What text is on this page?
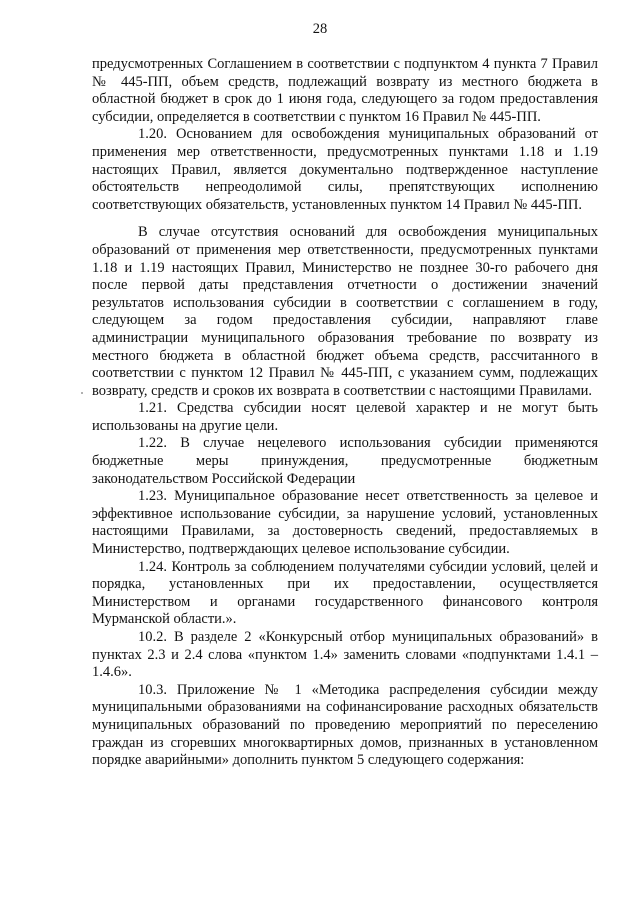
28

предусмотренных Соглашением в соответствии с подпунктом 4 пункта 7 Правил № 445-ПП, объем средств, подлежащий возврату из местного бюджета в областной бюджет в срок до 1 июня года, следующего за годом предоставления субсидии, определяется в соответствии с пунктом 16 Правил № 445-ПП.

1.20. Основанием для освобождения муниципальных образований от применения мер ответственности, предусмотренных пунктами 1.18 и 1.19 настоящих Правил, является документально подтвержденное наступление обстоятельств непреодолимой силы, препятствующих исполнению соответствующих обязательств, установленных пунктом 14 Правил № 445-ПП.

В случае отсутствия оснований для освобождения муниципальных образований от применения мер ответственности, предусмотренных пунктами 1.18 и 1.19 настоящих Правил, Министерство не позднее 30-го рабочего дня после первой даты представления отчетности о достижении значений результатов использования субсидии в соответствии с соглашением в году, следующем за годом предоставления субсидии, направляют главе администрации муниципального образования требование по возврату из местного бюджета в областной бюджет объема средств, рассчитанного в соответствии с пунктом 12 Правил № 445-ПП, с указанием сумм, подлежащих возврату, средств и сроков их возврата в соответствии с настоящими Правилами.

1.21. Средства субсидии носят целевой характер и не могут быть использованы на другие цели.

1.22. В случае нецелевого использования субсидии применяются бюджетные меры принуждения, предусмотренные бюджетным законодательством Российской Федерации

1.23. Муниципальное образование несет ответственность за целевое и эффективное использование субсидии, за нарушение условий, установленных настоящими Правилами, за достоверность сведений, предоставляемых в Министерство, подтверждающих целевое использование субсидии.

1.24. Контроль за соблюдением получателями субсидии условий, целей и порядка, установленных при их предоставлении, осуществляется Министерством и органами государственного финансового контроля Мурманской области.».

10.2. В разделе 2 «Конкурсный отбор муниципальных образований» в пунктах 2.3 и 2.4 слова «пунктом 1.4» заменить словами «подпунктами 1.4.1 – 1.4.6».

10.3. Приложение № 1 «Методика распределения субсидии между муниципальными образованиями на софинансирование расходных обязательств муниципальных образований по проведению мероприятий по переселению граждан из сгоревших многоквартирных домов, признанных в установленном порядке аварийными» дополнить пунктом 5 следующего содержания:
